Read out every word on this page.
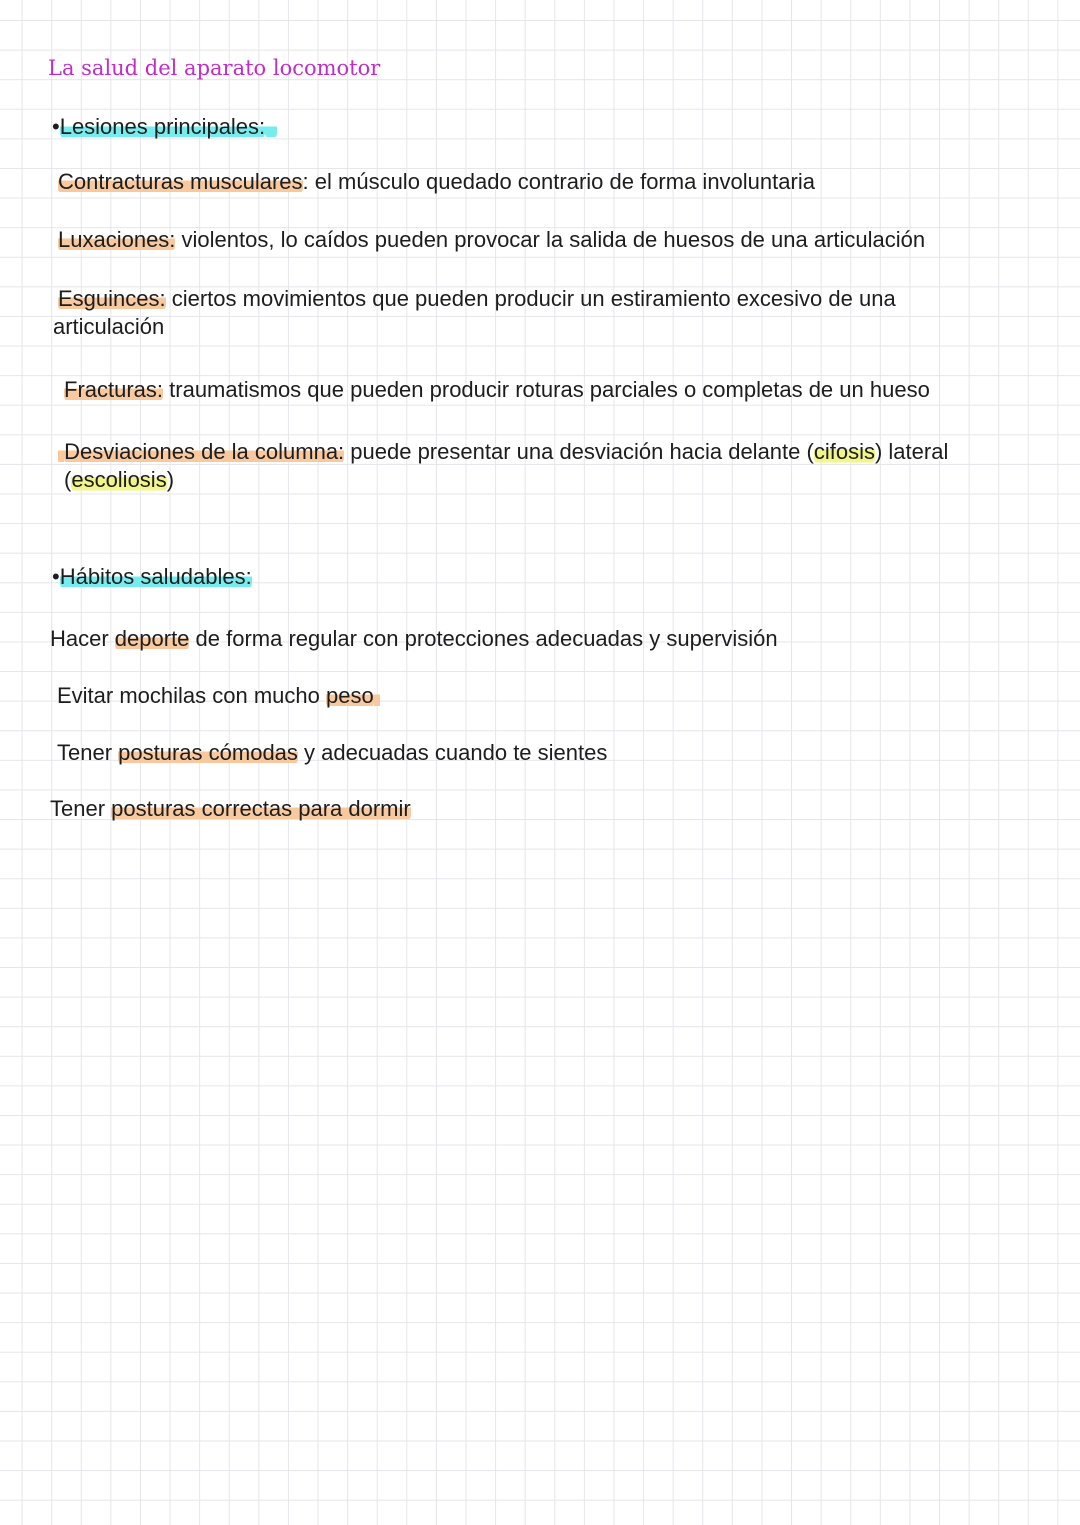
La salud del aparato locomotor
•Lesiones principales:
Contracturas musculares: el músculo quedado contrario de forma involuntaria
Luxaciones: violentos, lo caídos pueden provocar la salida de huesos de una articulación
Esguinces: ciertos movimientos que pueden producir un estiramiento excesivo de una
articulación
Fracturas: traumatismos que pueden producir roturas parciales o completas de un hueso
Desviaciones de la columna: puede presentar una desviación hacia delante (cifosis) lateral
(escoliosis)
•Hábitos saludables:
Hacer deporte de forma regular con protecciones adecuadas y supervisión
Evitar mochilas con mucho peso
Tener posturas cómodas y adecuadas cuando te sientes
Tener posturas correctas para dormir
